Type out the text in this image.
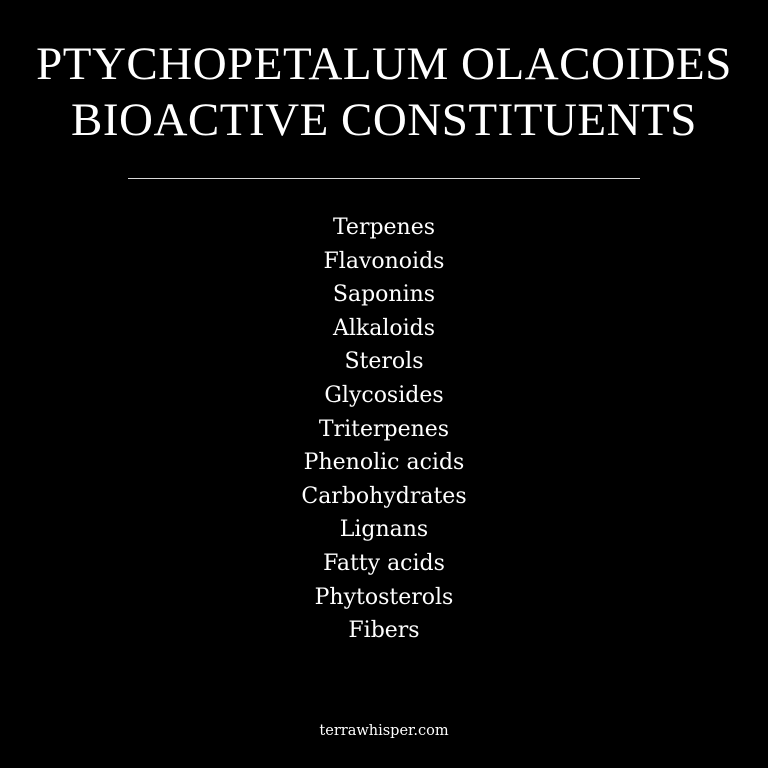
PTYCHOPETALUM OLACOIDES
BIOACTIVE CONSTITUENTS
Terpenes
Flavonoids
Saponins
Alkaloids
Sterols
Glycosides
Triterpenes
Phenolic acids
Carbohydrates
Lignans
Fatty acids
Phytosterols
Fibers
terrawhisper.com
